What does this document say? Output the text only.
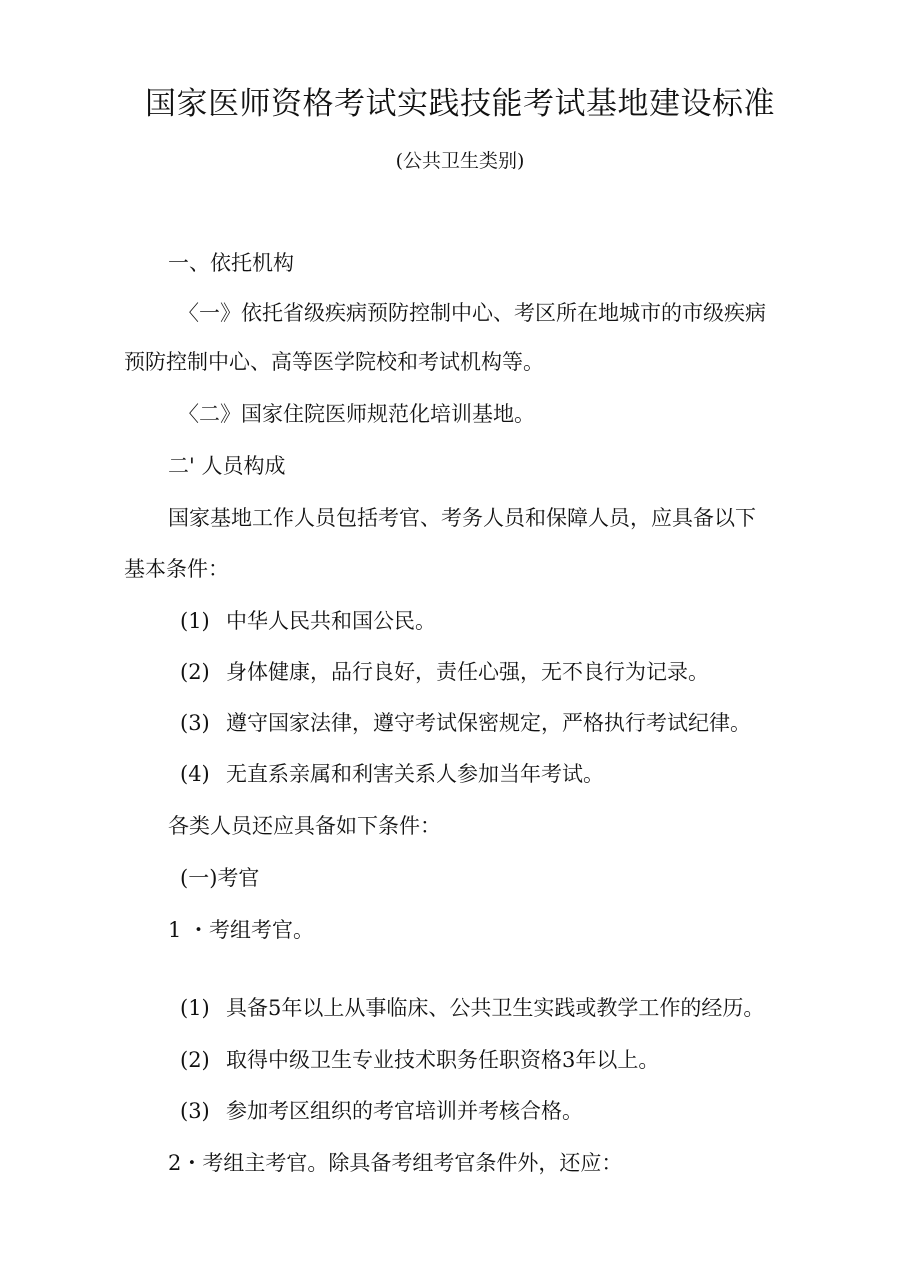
国家医师资格考试实践技能考试基地建设标准
(公共卫生类别)
一、依托机构
〈一》依托省级疾病预防控制中心、考区所在地城市的市级疾病
预防控制中心、高等医学院校和考试机构等。
〈二》国家住院医师规范化培训基地。
二' 人员构成
国家基地工作人员包括考官、考务人员和保障人员，应具备以下
基本条件：
(1) 中华人民共和国公民。
(2) 身体健康，品行良好，责任心强，无不良行为记录。
(3) 遵守国家法律，遵守考试保密规定，严格执行考试纪律。
(4) 无直系亲属和利害关系人参加当年考试。
各类人员还应具备如下条件：
(一)考官
1 ・考组考官。
(1) 具备5年以上从事临床、公共卫生实践或教学工作的经历。
(2) 取得中级卫生专业技术职务任职资格3年以上。
(3) 参加考区组织的考官培训并考核合格。
2・考组主考官。除具备考组考官条件外，还应：
